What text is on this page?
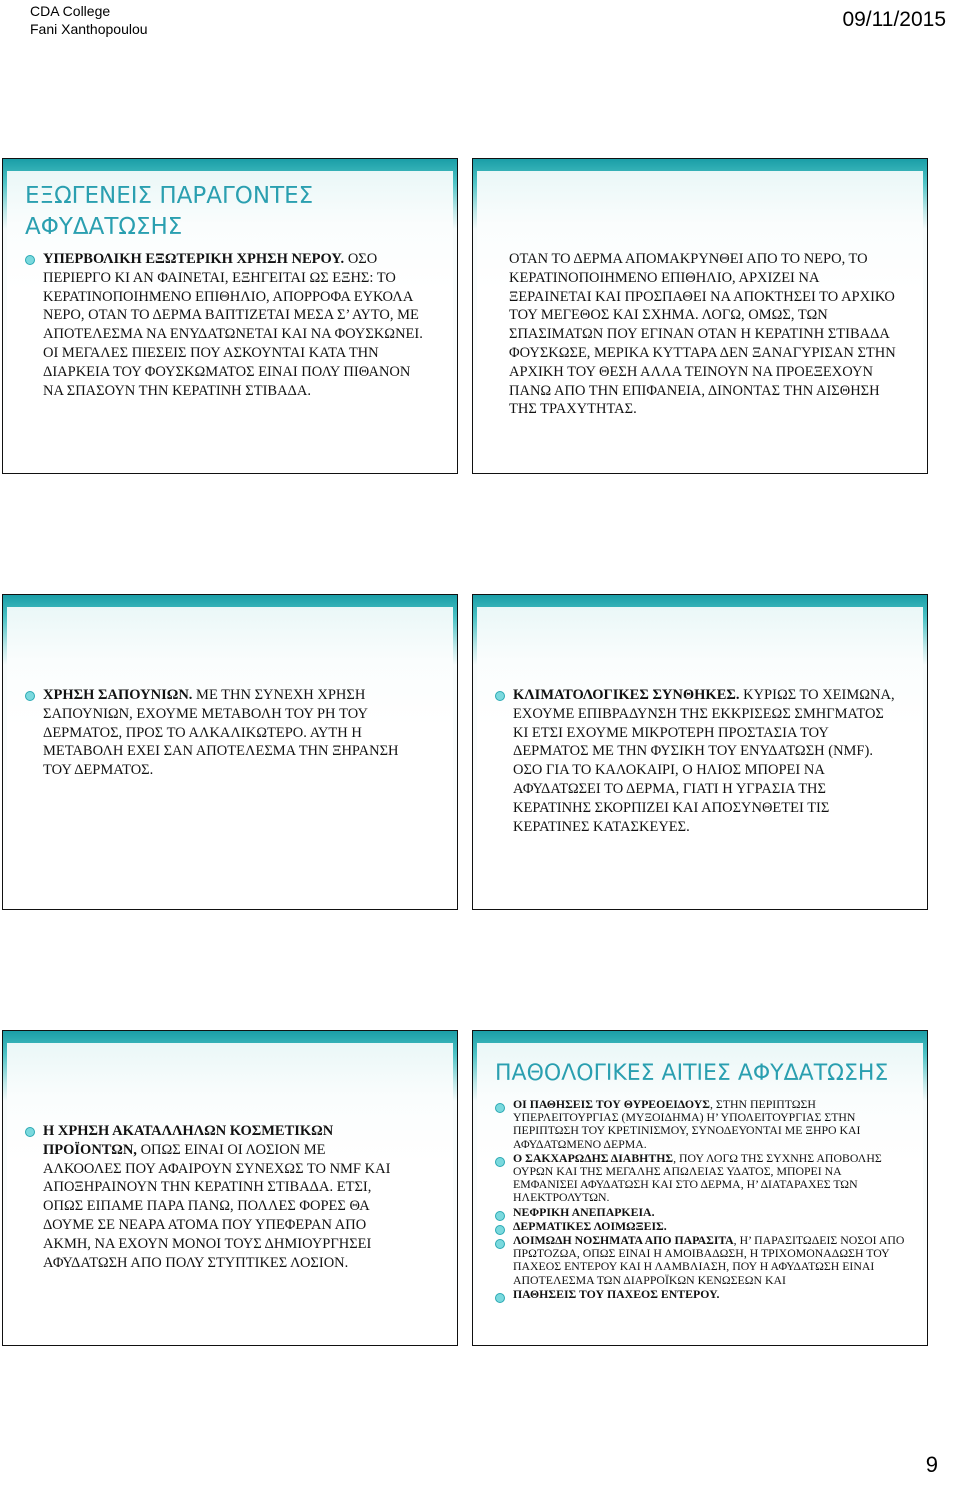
CDA College
Fani Xanthopoulou	09/11/2015
ΕΞΩΓΕΝΕΙΣ ΠΑΡΑΓΟΝΤΕΣ
ΑΦΥΔΑΤΩΣΗΣ
ΥΠΕΡΒΟΛΙΚΗ ΕΞΩΤΕΡΙΚΗ ΧΡΗΣΗ ΝΕΡΟΥ. ΟΣΟ ΠΕΡΙΕΡΓΟ ΚΙ ΑΝ ΦΑΙΝΕΤΑΙ, ΕΞΗΓΕΙΤΑΙ ΩΣ ΕΞΗΣ: ΤΟ ΚΕΡΑΤΙΝΟΠΟΙΗΜΕΝΟ ΕΠΙΘΗΛΙΟ, ΑΠΟΡΡΟΦΑ ΕΥΚΟΛΑ ΝΕΡΟ, ΟΤΑΝ ΤΟ ΔΕΡΜΑ ΒΑΠΤΙΖΕΤΑΙ ΜΕΣΑ Σ’ ΑΥΤΟ, ΜΕ ΑΠΟΤΕΛΕΣΜΑ ΝΑ ΕΝΥΔΑΤΩΝΕΤΑΙ ΚΑΙ ΝΑ ΦΟΥΣΚΩΝΕΙ. ΟΙ ΜΕΓΑΛΕΣ ΠΙΕΣΕΙΣ ΠΟΥ ΑΣΚΟΥΝΤΑΙ ΚΑΤΑ ΤΗΝ ΔΙΑΡΚΕΙΑ ΤΟΥ ΦΟΥΣΚΩΜΑΤΟΣ ΕΙΝΑΙ ΠΟΛΥ ΠΙΘΑΝΟΝ ΝΑ ΣΠΑΣΟΥΝ ΤΗΝ ΚΕΡΑΤΙΝΗ ΣΤΙΒΑΔΑ.
ΟΤΑΝ ΤΟ ΔΕΡΜΑ ΑΠΟΜΑΚΡΥΝΘΕΙ ΑΠΟ ΤΟ ΝΕΡΟ, ΤΟ ΚΕΡΑΤΙΝΟΠΟΙΗΜΕΝΟ ΕΠΙΘΗΛΙΟ, ΑΡΧΙΖΕΙ ΝΑ ΞΕΡΑΙΝΕΤΑΙ ΚΑΙ ΠΡΟΣΠΑΘΕΙ ΝΑ ΑΠΟΚΤΗΣΕΙ ΤΟ ΑΡΧΙΚΟ ΤΟΥ ΜΕΓΕΘΟΣ ΚΑΙ ΣΧΗΜΑ. ΛΟΓΩ, ΟΜΩΣ, ΤΩΝ ΣΠΑΣΙΜΑΤΩΝ ΠΟΥ ΕΓΙΝΑΝ ΟΤΑΝ Η ΚΕΡΑΤΙΝΗ ΣΤΙΒΑΔΑ ΦΟΥΣΚΩΣΕ, ΜΕΡΙΚΑ ΚΥΤΤΑΡΑ ΔΕΝ ΞΑΝΑΓΥΡΙΣΑΝ ΣΤΗΝ ΑΡΧΙΚΗ ΤΟΥ ΘΕΣΗ ΑΛΛΑ ΤΕΙΝΟΥΝ ΝΑ ΠΡΟΕΞΕΧΟΥΝ ΠΑΝΩ ΑΠΟ ΤΗΝ ΕΠΙΦΑΝΕΙΑ, ΔΙΝΟΝΤΑΣ ΤΗΝ ΑΙΣΘΗΣΗ ΤΗΣ ΤΡΑΧΥΤΗΤΑΣ.
ΧΡΗΣΗ ΣΑΠΟΥΝΙΩΝ. ΜΕ ΤΗΝ ΣΥΝΕΧΗ ΧΡΗΣΗ ΣΑΠΟΥΝΙΩΝ, ΕΧΟΥΜΕ ΜΕΤΑΒΟΛΗ ΤΟΥ PH ΤΟΥ ΔΕΡΜΑΤΟΣ, ΠΡΟΣ ΤΟ ΑΛΚΑΛΙΚΩΤΕΡΟ. ΑΥΤΗ Η ΜΕΤΑΒΟΛΗ ΕΧΕΙ ΣΑΝ ΑΠΟΤΕΛΕΣΜΑ ΤΗΝ ΞΗΡΑΝΣΗ ΤΟΥ ΔΕΡΜΑΤΟΣ.
ΚΛΙΜΑΤΟΛΟΓΙΚΕΣ ΣΥΝΘΗΚΕΣ. ΚΥΡΙΩΣ ΤΟ ΧΕΙΜΩΝΑ, ΕΧΟΥΜΕ ΕΠΙΒΡΑΔΥΝΣΗ ΤΗΣ ΕΚΚΡΙΣΕΩΣ ΣΜΗΓΜΑΤΟΣ ΚΙ ΕΤΣΙ ΕΧΟΥΜΕ ΜΙΚΡΟΤΕΡΗ ΠΡΟΣΤΑΣΙΑ ΤΟΥ ΔΕΡΜΑΤΟΣ ΜΕ ΤΗΝ ΦΥΣΙΚΗ ΤΟΥ ΕΝΥΔΑΤΩΣΗ (NMF). ΟΣΟ ΓΙΑ ΤΟ ΚΑΛΟΚΑΙΡΙ, Ο ΗΛΙΟΣ ΜΠΟΡΕΙ ΝΑ ΑΦΥΔΑΤΩΣΕΙ ΤΟ ΔΕΡΜΑ, ΓΙΑΤΙ Η ΥΓΡΑΣΙΑ ΤΗΣ ΚΕΡΑΤΙΝΗΣ ΣΚΟΡΠΙΖΕΙ ΚΑΙ ΑΠΟΣΥΝΘΕΤΕΙ ΤΙΣ ΚΕΡΑΤΙΝΕΣ ΚΑΤΑΣΚΕΥΕΣ.
Η ΧΡΗΣΗ ΑΚΑΤΑΛΛΗΛΩΝ ΚΟΣΜΕΤΙΚΩΝ ΠΡΟΪΟΝΤΩΝ, ΟΠΩΣ ΕΙΝΑΙ ΟΙ ΛΟΣΙΟΝ ΜΕ ΑΛΚΟΟΛΕΣ ΠΟΥ ΑΦΑΙΡΟΥΝ ΣΥΝΕΧΩΣ ΤΟ NMF ΚΑΙ ΑΠΟΞΗΡΑΙΝΟΥΝ ΤΗΝ ΚΕΡΑΤΙΝΗ ΣΤΙΒΑΔΑ. ΕΤΣΙ, ΟΠΩΣ ΕΙΠΑΜΕ ΠΑΡΑ ΠΑΝΩ, ΠΟΛΛΕΣ ΦΟΡΕΣ ΘΑ ΔΟΥΜΕ ΣΕ ΝΕΑΡΑ ΑΤΟΜΑ ΠΟΥ ΥΠΕΦΕΡΑΝ ΑΠΟ ΑΚΜΗ, ΝΑ ΕΧΟΥΝ ΜΟΝΟΙ ΤΟΥΣ ΔΗΜΙΟΥΡΓΗΣΕΙ ΑΦΥΔΑΤΩΣΗ ΑΠΟ ΠΟΛΥ ΣΤΥΠΤΙΚΕΣ ΛΟΣΙΟΝ.
ΠΑΘΟΛΟΓΙΚΕΣ ΑΙΤΙΕΣ ΑΦΥΔΑΤΩΣΗΣ
ΟΙ ΠΑΘΗΣΕΙΣ ΤΟΥ ΘΥΡΕΟΕΙΔΟΥΣ, ΣΤΗΝ ΠΕΡΙΠΤΩΣΗ ΥΠΕΡΛΕΙΤΟΥΡΓΙΑΣ (ΜΥΞΟΙΔΗΜΑ) Η’ ΥΠΟΛΕΙΤΟΥΡΓΙΑΣ ΣΤΗΝ ΠΕΡΙΠΤΩΣΗ ΤΟΥ ΚΡΕΤΙΝΙΣΜΟΥ, ΣΥΝΟΔΕΥΟΝΤΑΙ ΜΕ ΞΗΡΟ ΚΑΙ ΑΦΥΔΑΤΩΜΕΝΟ ΔΕΡΜΑ.
Ο ΣΑΚΧΑΡΩΔΗΣ ΔΙΑΒΗΤΗΣ, ΠΟΥ ΛΟΓΩ ΤΗΣ ΣΥΧΝΗΣ ΑΠΟΒΟΛΗΣ ΟΥΡΩΝ ΚΑΙ ΤΗΣ ΜΕΓΑΛΗΣ ΑΠΩΛΕΙΑΣ ΥΔΑΤΟΣ, ΜΠΟΡΕΙ ΝΑ ΕΜΦΑΝΙΣΕΙ ΑΦΥΔΑΤΩΣΗ ΚΑΙ ΣΤΟ ΔΕΡΜΑ, Η’ ΔΙΑΤΑΡΑΧΕΣ ΤΩΝ ΗΛΕΚΤΡΟΛΥΤΩΝ.
ΝΕΦΡΙΚΗ ΑΝΕΠΑΡΚΕΙΑ.
ΔΕΡΜΑΤΙΚΕΣ ΛΟΙΜΩΞΕΙΣ.
ΛΟΙΜΩΔΗ ΝΟΣΗΜΑΤΑ ΑΠΟ ΠΑΡΑΣΙΤΑ, Η’ ΠΑΡΑΣΙΤΩΔΕΙΣ ΝΟΣΟΙ ΑΠΟ ΠΡΩΤΟΖΩΑ, ΟΠΩΣ ΕΙΝΑΙ Η ΑΜΟΙΒΑΔΩΣΗ, Η ΤΡΙΧΟΜΟΝΑΔΩΣΗ ΤΟΥ ΠΑΧΕΟΣ ΕΝΤΕΡΟΥ ΚΑΙ Η ΛΑΜΒΛΙΑΣΗ, ΠΟΥ Η ΑΦΥΔΑΤΩΣΗ ΕΙΝΑΙ ΑΠΟΤΕΛΕΣΜΑ ΤΩΝ ΔΙΑΡΡΟΪΚΩΝ ΚΕΝΩΣΕΩΝ ΚΑΙ
ΠΑΘΗΣΕΙΣ ΤΟΥ ΠΑΧΕΟΣ ΕΝΤΕΡΟΥ.
9
